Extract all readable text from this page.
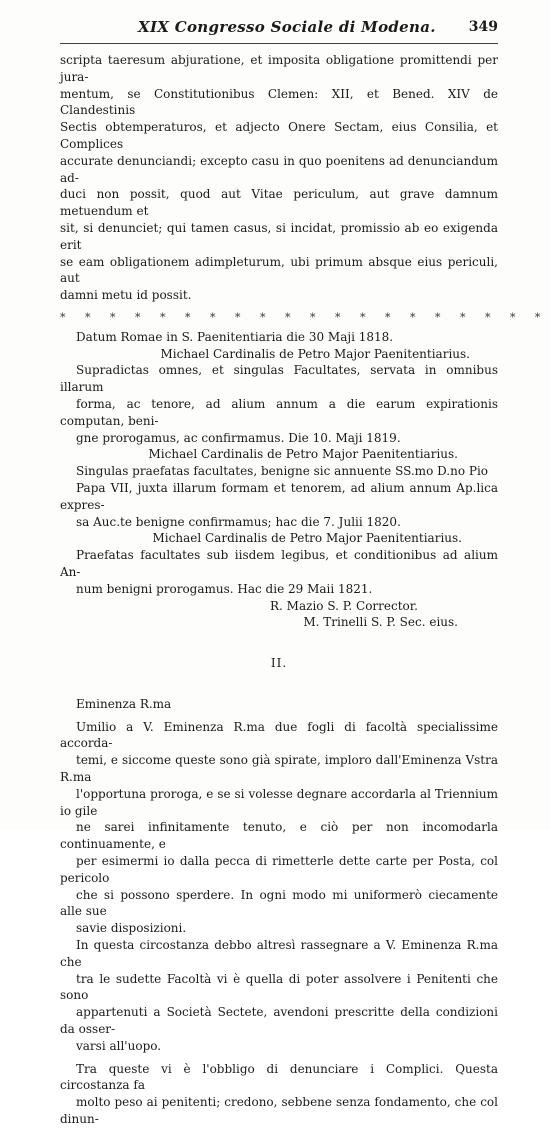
XIX Congresso Sociale di Modena. 349

scripta taeresum abjuratione, et imposita obligatione promittendi per jura-
mentum, se Constitutionibus Clemen: XII, et Bened. XIV de Clandestinis
Sectis obtemperaturos, et adjecto Onere Sectam, eius Consilia, et Complices
accurate denunciandi; excepto casu in quo poenitens ad denunciandum ad-
duci non possit, quod aut Vitae periculum, aut grave damnum metuendum et
sit, si denunciet; qui tamen casus, si incidat, promissio ab eo exigenda erit
se eam obligationem adimpleturum, ubi primum absque eius periculi, aut
damni metu id possit.

* * * * * * * * * * * * * * * * * * * *
Datum Romae in S. Paenitentiaria die 30 Maji 1818.
Michael Cardinalis de Petro Major Paenitentiarius.

Supradictas omnes, et singulas Facultates, servata in omnibus illarum
forma, ac tenore, ad alium annum a die earum expirationis computan, beni-
gne prorogamus, ac confirmamus. Die 10. Maji 1819.

Michael Cardinalis de Petro Major Paenitentiarius.

Singulas praefatas facultates, benigne sic annuente SS.mo D.no Pio
Papa VII, juxta illarum formam et tenorem, ad alium annum Ap.lica expres-
sa Auc.te benigne confirmamus; hac die 7. Julii 1820.

Michael Cardinalis de Petro Major Paenitentiarius.

Praefatas facultates sub iisdem legibus, et conditionibus ad alium An-
num benigni prorogamus. Hac die 29 Maii 1821.

R. Mazio S. P. Corrector.
M. Trinelli S. P. Sec. eius.
II.
Eminenza R.ma

Umilio a V. Eminenza R.ma due fogli di facoltà specialissime accorda-
temi, e siccome queste sono già spirate, imploro dall'Eminenza Vstra R.ma
l'opportuna proroga, e se si volesse degnare accordarla al Triennium io gile
ne sarei infinitamente tenuto, e ciò per non incomodarla continuamente, e
per esimermi io dalla pecca di rimetterle dette carte per Posta, col pericolo
che si possono sperdere. In ogni modo mi uniformerò ciecamente alle sue
savie disposizioni.

In questa circostanza debbo altresì rassegnare a V. Eminenza R.ma che
tra le sudette Facoltà vi è quella di poter assolvere i Penitenti che sono
appartenuti a Società Sectete, avendoni prescritte della condizioni da osser-
varsi all'uopo.

Tra queste vi è l'obbligo di denunciare i Complici. Questa circostanza fa
molto peso ai penitenti; credono, sebbene senza fondamento, che col dinun-
